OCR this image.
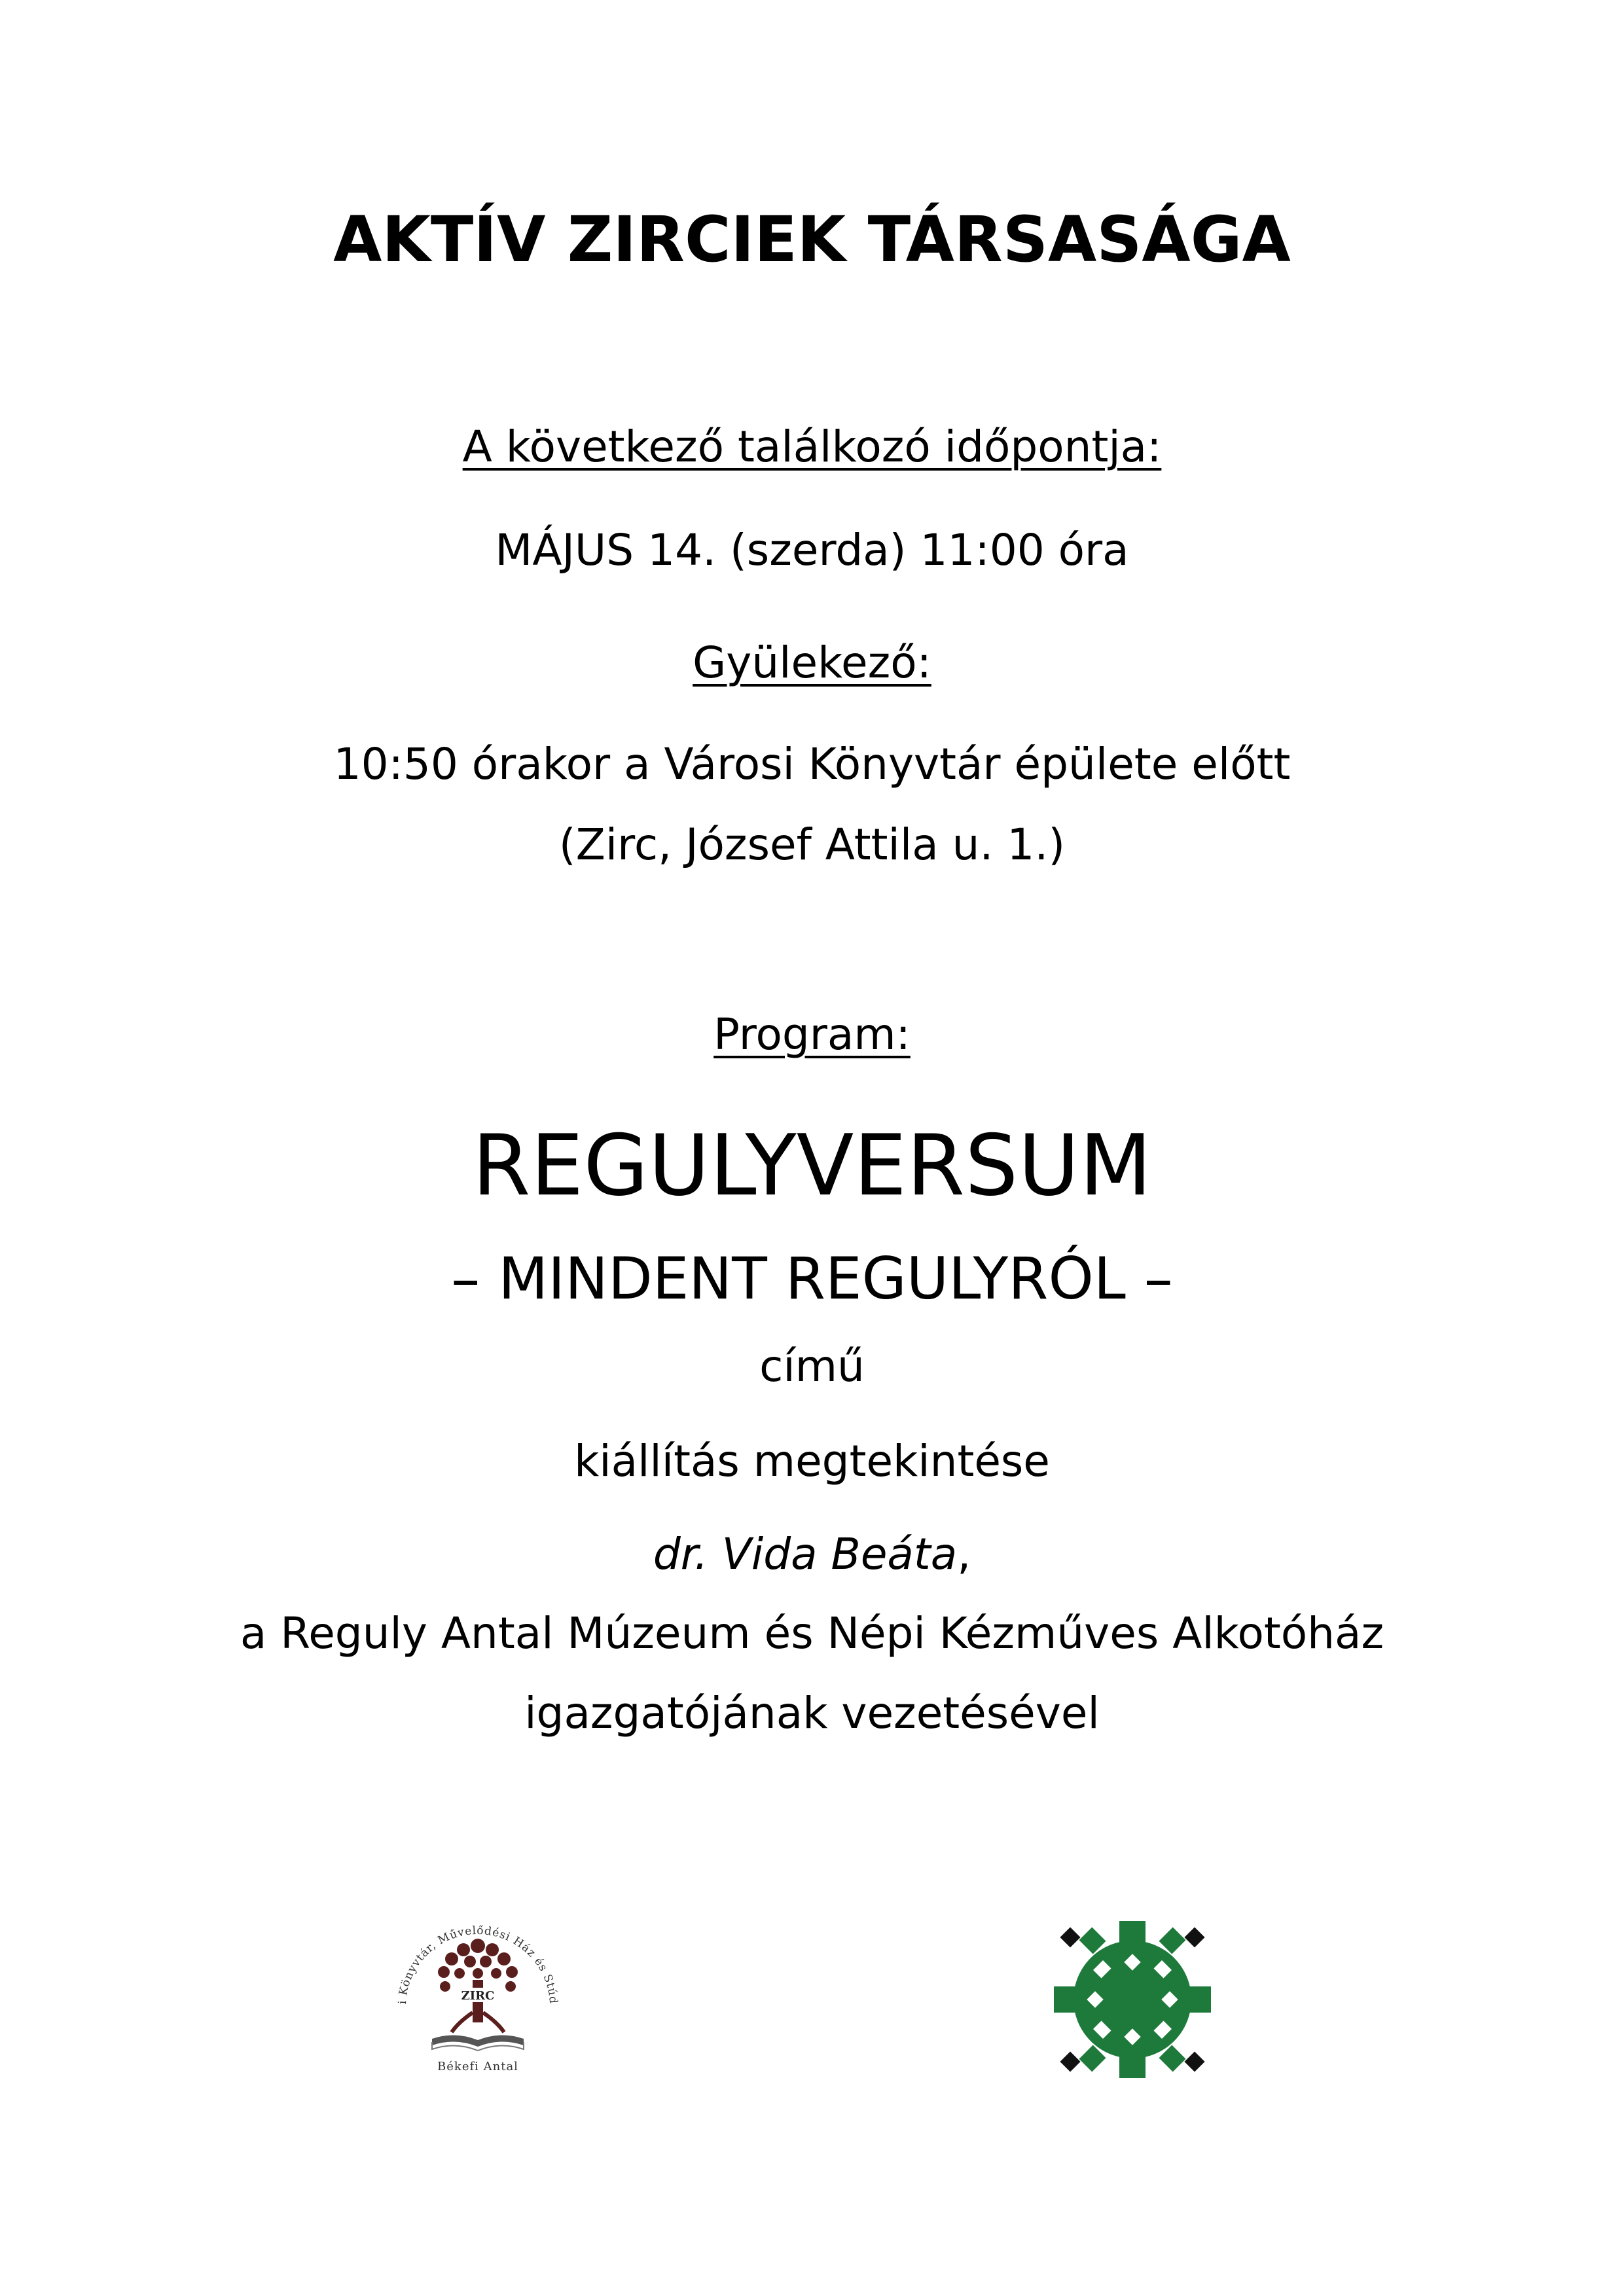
AKTÍV ZIRCIEK TÁRSASÁGA
A következő találkozó időpontja:
MÁJUS 14. (szerda) 11:00 óra
Gyülekező:
10:50 órakor a Városi Könyvtár épülete előtt
(Zirc, József Attila u. 1.)
Program:
REGULYVERSUM
– MINDENT REGULYRÓL –
című
kiállítás megtekintése
dr. Vida Beáta,
a Reguly Antal Múzeum és Népi Kézműves Alkotóház
igazgatójának vezetésével
i Könyvtár, Művelődési Ház és Stúd
ZIRC
Békefi Antal
